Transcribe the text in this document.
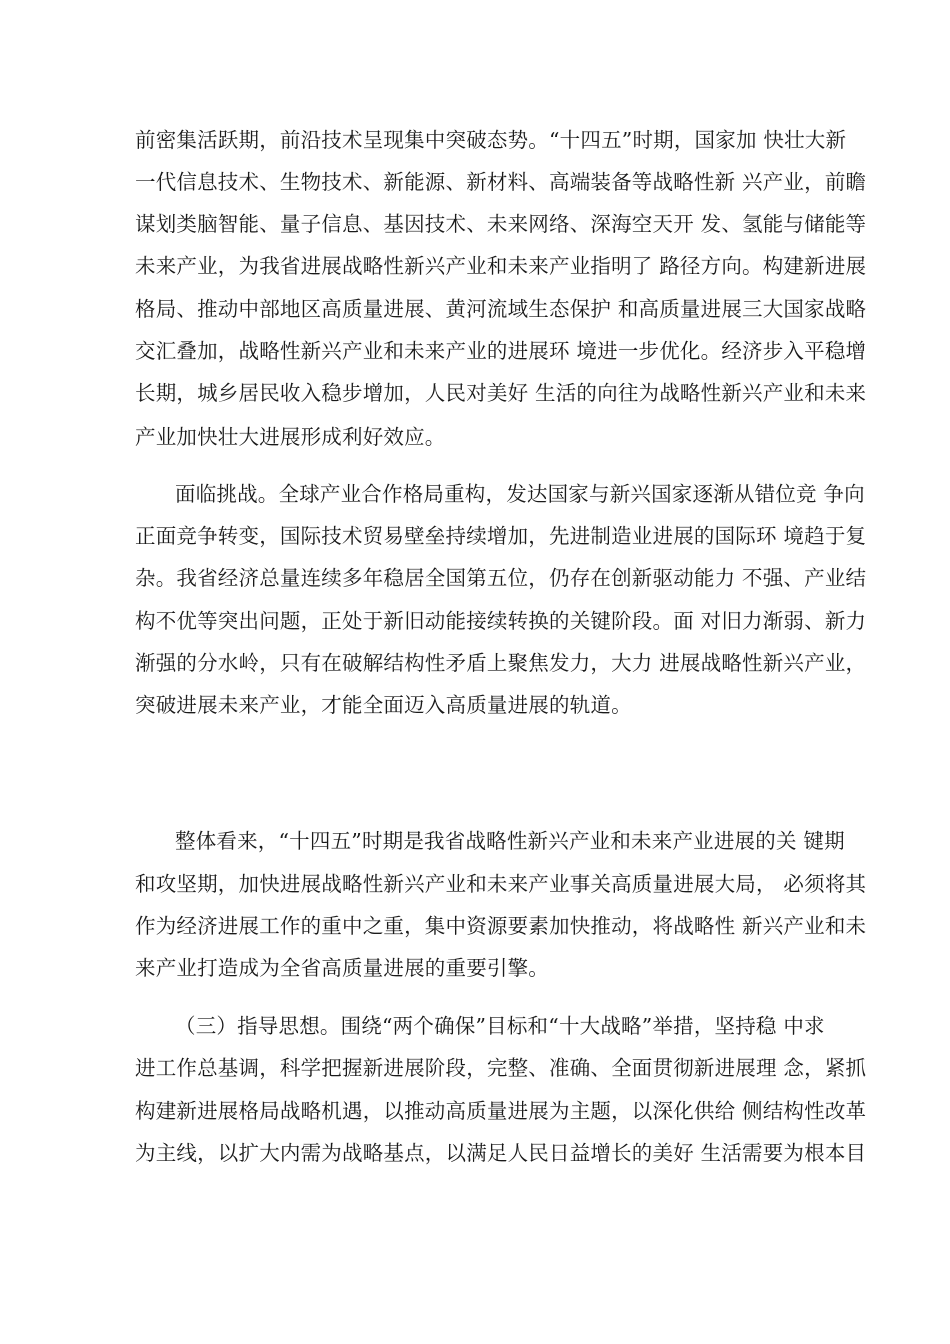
前密集活跃期，前沿技术呈现集中突破态势。“十四五”时期，国家加 快壮大新
一代信息技术、生物技术、新能源、新材料、高端装备等战略性新 兴产业，前瞻
谋划类脑智能、量子信息、基因技术、未来网络、深海空天开 发、氢能与储能等
未来产业，为我省进展战略性新兴产业和未来产业指明了 路径方向。构建新进展
格局、推动中部地区高质量进展、黄河流域生态保护 和高质量进展三大国家战略
交汇叠加，战略性新兴产业和未来产业的进展环 境进一步优化。经济步入平稳增
长期，城乡居民收入稳步增加，人民对美好 生活的向往为战略性新兴产业和未来
产业加快壮大进展形成利好效应。
面临挑战。全球产业合作格局重构，发达国家与新兴国家逐渐从错位竞 争向
正面竞争转变，国际技术贸易壁垒持续增加，先进制造业进展的国际环 境趋于复
杂。我省经济总量连续多年稳居全国第五位，仍存在创新驱动能力 不强、产业结
构不优等突出问题，正处于新旧动能接续转换的关键阶段。面 对旧力渐弱、新力
渐强的分水岭，只有在破解结构性矛盾上聚焦发力，大力 进展战略性新兴产业，
突破进展未来产业，才能全面迈入高质量进展的轨道。
整体看来，“十四五”时期是我省战略性新兴产业和未来产业进展的关 键期
和攻坚期，加快进展战略性新兴产业和未来产业事关高质量进展大局， 必须将其
作为经济进展工作的重中之重，集中资源要素加快推动，将战略性 新兴产业和未
来产业打造成为全省高质量进展的重要引擎。
（三）指导思想。围绕“两个确保”目标和“十大战略”举措，坚持稳 中求
进工作总基调，科学把握新进展阶段，完整、准确、全面贯彻新进展理 念，紧抓
构建新进展格局战略机遇，以推动高质量进展为主题，以深化供给 侧结构性改革
为主线，以扩大内需为战略基点，以满足人民日益增长的美好 生活需要为根本目
